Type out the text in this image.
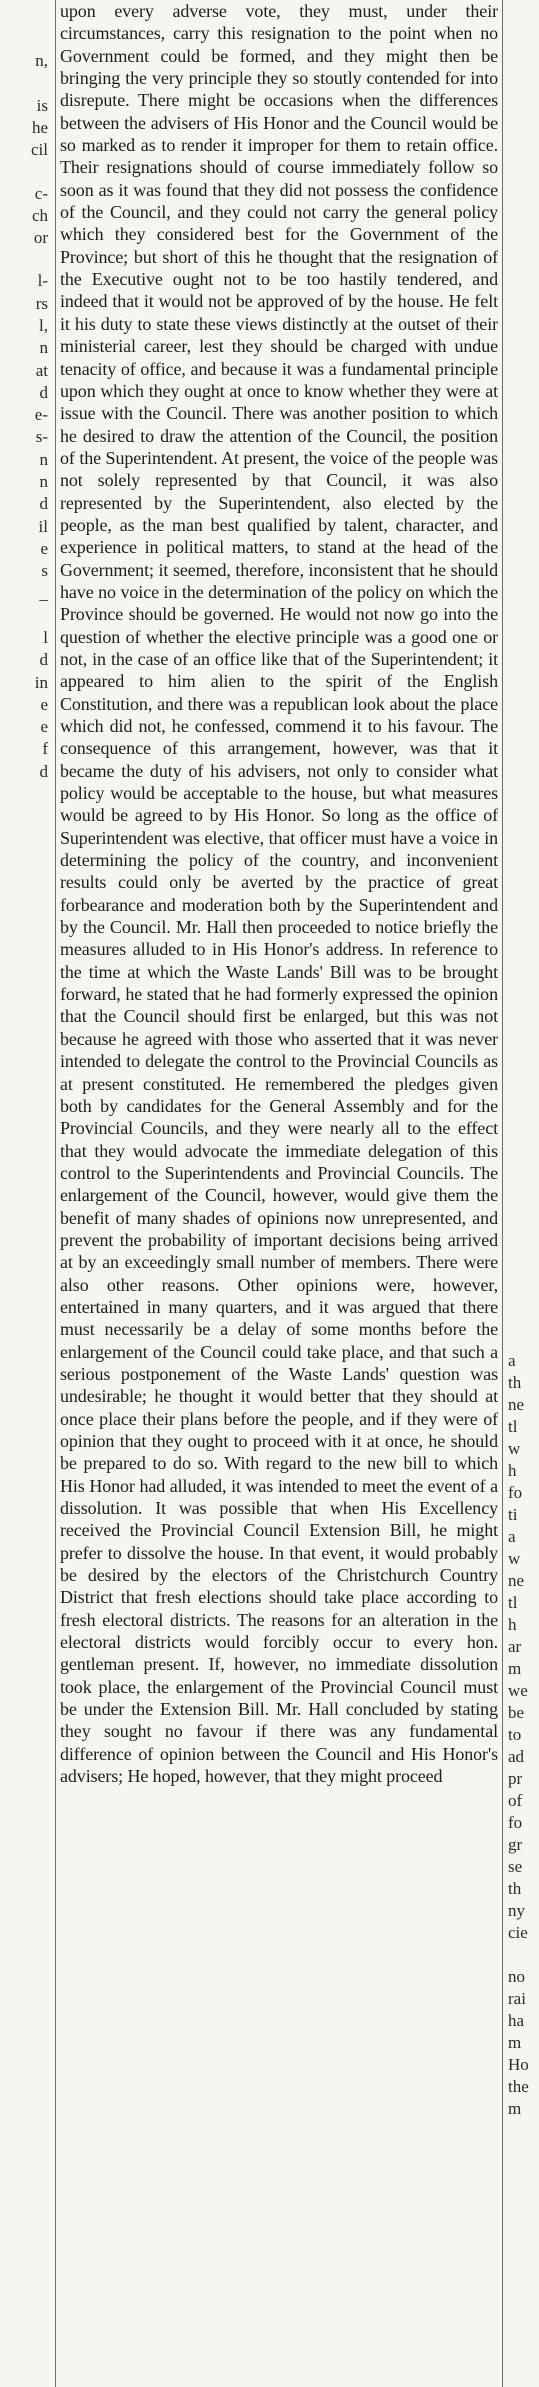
n,
is
he
cil
c-
ch
or
l-
rs
l,
n
at
d
e-
s-
n
n
d
il
e
s
_
l
d
in
e
e
f
d

upon every adverse vote, they must, under their circumstances, carry this resignation to the point when no Government could be formed, and they might then be bringing the very principle they so stoutly contended for into disrepute. There might be occasions when the differences between the advisers of His Honor and the Council would be so marked as to render it improper for them to retain office. Their resignations should of course immediately follow so soon as it was found that they did not possess the confidence of the Council, and they could not carry the general policy which they considered best for the Government of the Province; but short of this he thought that the resignation of the Executive ought not to be too hastily tendered, and indeed that it would not be approved of by the house. He felt it his duty to state these views distinctly at the outset of their ministerial career, lest they should be charged with undue tenacity of office, and because it was a fundamental principle upon which they ought at once to know whether they were at issue with the Council. There was another position to which he desired to draw the attention of the Council, the position of the Superintendent. At present, the voice of the people was not solely represented by that Council, it was also represented by the Superintendent, also elected by the people, as the man best qualified by talent, character, and experience in political matters, to stand at the head of the Government; it seemed, therefore, inconsistent that he should have no voice in the determination of the policy on which the Province should be governed. He would not now go into the question of whether the elective principle was a good one or not, in the case of an office like that of the Superintendent; it appeared to him alien to the spirit of the English Constitution, and there was a republican look about the place which did not, he confessed, commend it to his favour. The consequence of this arrangement, however, was that it became the duty of his advisers, not only to consider what policy would be acceptable to the house, but what measures would be agreed to by His Honor. So long as the office of Superintendent was elective, that officer must have a voice in determining the policy of the country, and inconvenient results could only be averted by the practice of great forbearance and moderation both by the Superintendent and by the Council. Mr. Hall then proceeded to notice briefly the measures alluded to in His Honor's address. In reference to the time at which the Waste Lands' Bill was to be brought forward, he stated that he had formerly expressed the opinion that the Council should first be enlarged, but this was not because he agreed with those who asserted that it was never intended to delegate the control to the Provincial Councils as at present constituted. He remembered the pledges given both by candidates for the General Assembly and for the Provincial Councils, and they were nearly all to the effect that they would advocate the immediate delegation of this control to the Superintendents and Provincial Councils. The enlargement of the Council, however, would give them the benefit of many shades of opinions now unrepresented, and prevent the probability of important decisions being arrived at by an exceedingly small number of members. There were also other reasons. Other opinions were, however, entertained in many quarters, and it was argued that there must necessarily be a delay of some months before the enlargement of the Council could take place, and that such a serious postponement of the Waste Lands' question was undesirable; he thought it would better that they should at once place their plans before the people, and if they were of opinion that they ought to proceed with it at once, he should be prepared to do so. With regard to the new bill to which His Honor had alluded, it was intended to meet the event of a dissolution. It was possible that when His Excellency received the Provincial Council Extension Bill, he might prefer to dissolve the house. In that event, it would probably be desired by the electors of the Christchurch Country District that fresh elections should take place according to fresh electoral districts. The reasons for an alteration in the electoral districts would forcibly occur to every hon. gentleman present. If, however, no immediate dissolution took place, the enlargement of the Provincial Council must be under the Extension Bill. Mr. Hall concluded by stating they sought no favour if there was any fundamental difference of opinion between the Council and His Honor's advisers; He hoped, however, that they might proceed

a
th
ne
tl
w
h
fo
ti
a
w
ne
tl
h
ar
m
we
be
to
ad
pr
of
fo
gr
se
th
ny
cie
no
rai
ha
m
Ho
the
m
